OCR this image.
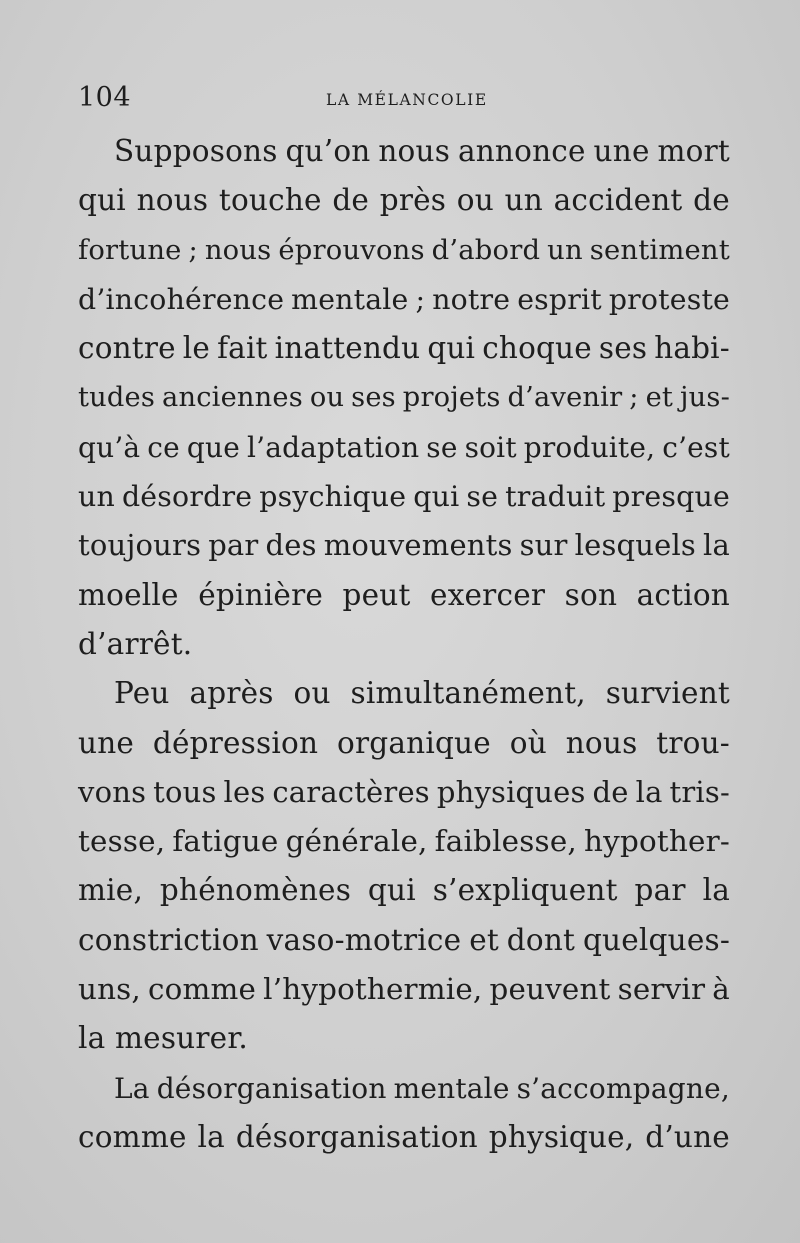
104	LA MÉLANCOLIE
Supposons qu’on nous annonce une mort
qui nous touche de près ou un accident de
fortune ; nous éprouvons d’abord un sentiment
d’incohérence mentale ; notre esprit proteste
contre le fait inattendu qui choque ses habi-
tudes anciennes ou ses projets d’avenir ; et jus-
qu’à ce que l’adaptation se soit produite, c’est
un désordre psychique qui se traduit presque
toujours par des mouvements sur lesquels la
moelle épinière peut exercer son action
d’arrêt.
Peu après ou simultanément, survient
une dépression organique où nous trou-
vons tous les caractères physiques de la tris-
tesse, fatigue générale, faiblesse, hypother-
mie, phénomènes qui s’expliquent par la
constriction vaso-motrice et dont quelques-
uns, comme l’hypothermie, peuvent servir à
la mesurer.
La désorganisation mentale s’accompagne,
comme la désorganisation physique, d’une
